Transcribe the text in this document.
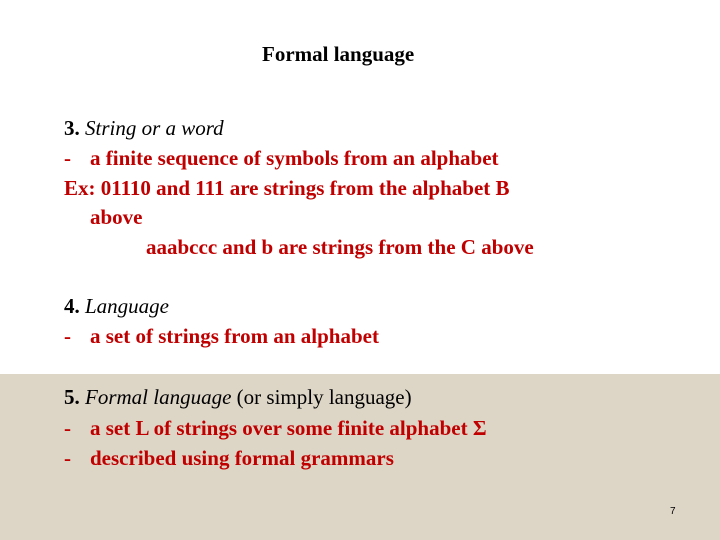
Formal language
3. String or a word
- a finite sequence of symbols from an alphabet
Ex: 01110 and 111 are strings from the alphabet B
above
aaabccc and b are strings from the C above
4. Language
- a set of strings from an alphabet
5. Formal language (or simply language)
- a set L of strings over some finite alphabet Σ
- described using formal grammars
7
